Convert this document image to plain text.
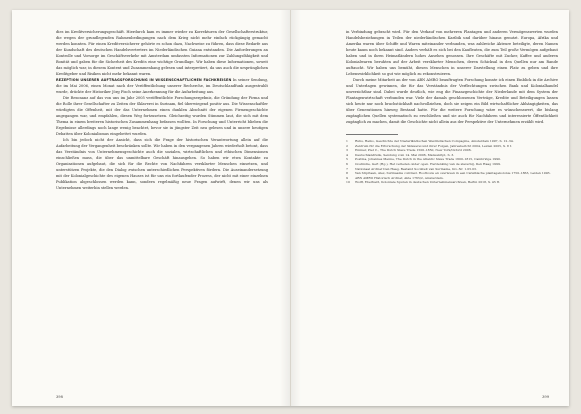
dies im Kreditversicherungsgeschäft. Hierdurch kam es immer wieder zu Korrekturen der Gesellschafterstruktur, die wegen der grundlegenden Rahmenbedingungen nach dem Krieg nicht mehr einfach rückgängig gemacht werden konnten. Für einen Kreditversicherer gehörte es schon dazu, Nachweise zu führen, dass diese Bedarfe aus der Kundschaft des deutschen Handelsvertreters im Niederländischen Guiana entstanden. Die Anforderungen an Kontrolle und Vorsorge im Geschäftsverkehr mit Amsterdam umfassten Informationen zur Zahlungsfähigkeit und Bonität und gaben für die Sicherheit des Kredits eine wichtige Grundlage. Wir haben diese Informationen, soweit das möglich war, in diesem Kontext und Zusammenhang gelesen und interpretiert, da uns auch die ursprünglichen Kreditgeber und Risiken nicht mehr bekannt waren.

REZEPTION UNSERER AUFTRAGSFORSCHUNG IN WISSENSCHAFTLICHEN FACHKREISEN In seiner Sendung, die im Mai 2006, einen Monat nach der Veröffentlichung unserer Recherche, im Deutschlandfunk ausgestrahlt wurde, drückte der Historiker Jörg Fisch seine Anerkennung für die Aufarbeitung aus.

Die Resonanz auf das von uns im Jahr 2005 veröffentlichte Forschungsergebnis, die Gründung der Firma und die Rolle ihrer Gesellschafter zu Zeiten der Sklaverei in Surinam, fiel überwiegend positiv aus. Die Wissenschaftler würdigten die Offenheit, mit der das Unternehmen einen dunklen Abschnitt der eigenen Firmengeschichte angegangen war, und empfahlen, diesen Weg fortzusetzen. Gleichzeitig wurden Stimmen laut, die sich mit dem Thema in einem breiteren historischen Zusammenhang befassen wollten. In Forschung und Unterricht blieben die Ergebnisse allerdings noch lange wenig beachtet, bevor sie in jüngster Zeit neu gelesen und in unsere heutigen Debatten über Kolonialismus eingebettet wurden.

Ich bin jedoch nicht der Ansicht, dass sich die Frage der historischen Verantwortung allein auf die Aufarbeitung der Vergangenheit beschränken sollte. Wir haben in den vergangenen Jahren wiederholt betont, dass das Verständnis von Unternehmensgeschichte auch die sozialen, wirtschaftlichen und ethischen Dimensionen einschließen muss, die über das unmittelbare Geschäft hinausgehen. So haben wir etwa Kontakte zu Organisationen aufgebaut, die sich für die Rechte von Nachfahren versklavter Menschen einsetzen, und unterstützen Projekte, die den Dialog zwischen unterschiedlichen Perspektiven fördern. Die Auseinandersetzung mit der Kolonialgeschichte des eigenen Hauses ist für uns ein fortlaufender Prozess, der nicht mit einer einzelnen Publikation abgeschlossen werden kann, sondern regelmäßig neue Fragen aufwirft, denen wir uns als Unternehmen weiterhin stellen werden.

398

in Verbindung gebracht wird. Für den Verkauf von mehreren Plantagen und anderen Vermögenswerten wurden Handelsbeziehungen in Teilen der niederländischen Karibik und darüber hinaus genutzt. Europa, Afrika und Amerika waren über Schiffe und Waren miteinander verbunden, was zahlreiche Akteure beteiligte, deren Namen heute kaum noch bekannt sind. Anders verhält es sich bei den Kaufleuten, die zum Teil große Vermögen aufgebaut haben und in ihren Heimatländern hohes Ansehen genossen. Ihre Geschäfte mit Zucker, Kaffee und anderen Kolonialwaren beruhten auf der Arbeit versklavter Menschen, deren Schicksal in den Quellen nur am Rande auftaucht. Wir haben uns bemüht, diesen Menschen in unserer Darstellung einen Platz zu geben und ihre Lebenswirklichkeit so gut wie möglich zu rekonstruieren.

Durch meine Mitarbeit an der von ABN AMRO beauftragten Forschung konnte ich einen Einblick in die Archive und Unterlagen gewinnen, die für das Verständnis der Verflechtungen zwischen Bank und Kolonialhandel unverzichtbar sind. Dabei wurde deutlich, wie eng die Finanzgeschichte der Niederlande mit dem System der Plantagenwirtschaft verbunden war. Viele der damals geschlossenen Verträge, Kredite und Beteiligungen lassen sich heute nur noch bruchstückhaft nachvollziehen, doch sie zeigen ein Bild wirtschaftlicher Abhängigkeiten, das über Generationen hinweg Bestand hatte. Für die weitere Forschung wäre es wünschenswert, die bislang zugänglichen Quellen systematisch zu erschließen und sie auch für Nachfahren und interessierte Öffentlichkeit zugänglich zu machen, damit die Geschichte nicht allein aus der Perspektive der Unternehmen erzählt wird.

1 Ruhs, Heiko, Geschichte der Niederländischen Westindischen Compagnie, Amsterdam 1997, S. 12–34.
2 Zentrum für die Erforschung der Sklaverei und ihrer Folgen, Jahresbericht 2004, Leiden 2005, S. 8 f.
3 Emmer, Piet C., The Dutch Slave Trade 1500–1850, New York/Oxford 2006.
4 Deutschlandfunk, Sendung vom 14. Mai 2006, Manuskript, S. 3.
5 Postma, Johannes Menne, The Dutch in the Atlantic Slave Trade 1600–1815, Cambridge 1990.
6 Oostindie, Gert (Hg.), Het verleden onder ogen. Herdenking van de slavernij, Den Haag 1999.
7 Nationaal Archief Den Haag, Bestand Sociëteit van Suriname, Inv.-Nr. 1.05.03.
8 Van Stipriaan, Alex, Surinaams contrast. Roofbouw en overleven in een Caraïbische plantagekolonie 1750–1863, Leiden 1993.
9 ABN AMRO Historisch Archief, Akte 1765/2, Amsterdam.
10 Wolff, Eberhard, Koloniale Spuren in deutschen Unternehmensarchiven, Berlin 2018, S. 45 ff.
399
